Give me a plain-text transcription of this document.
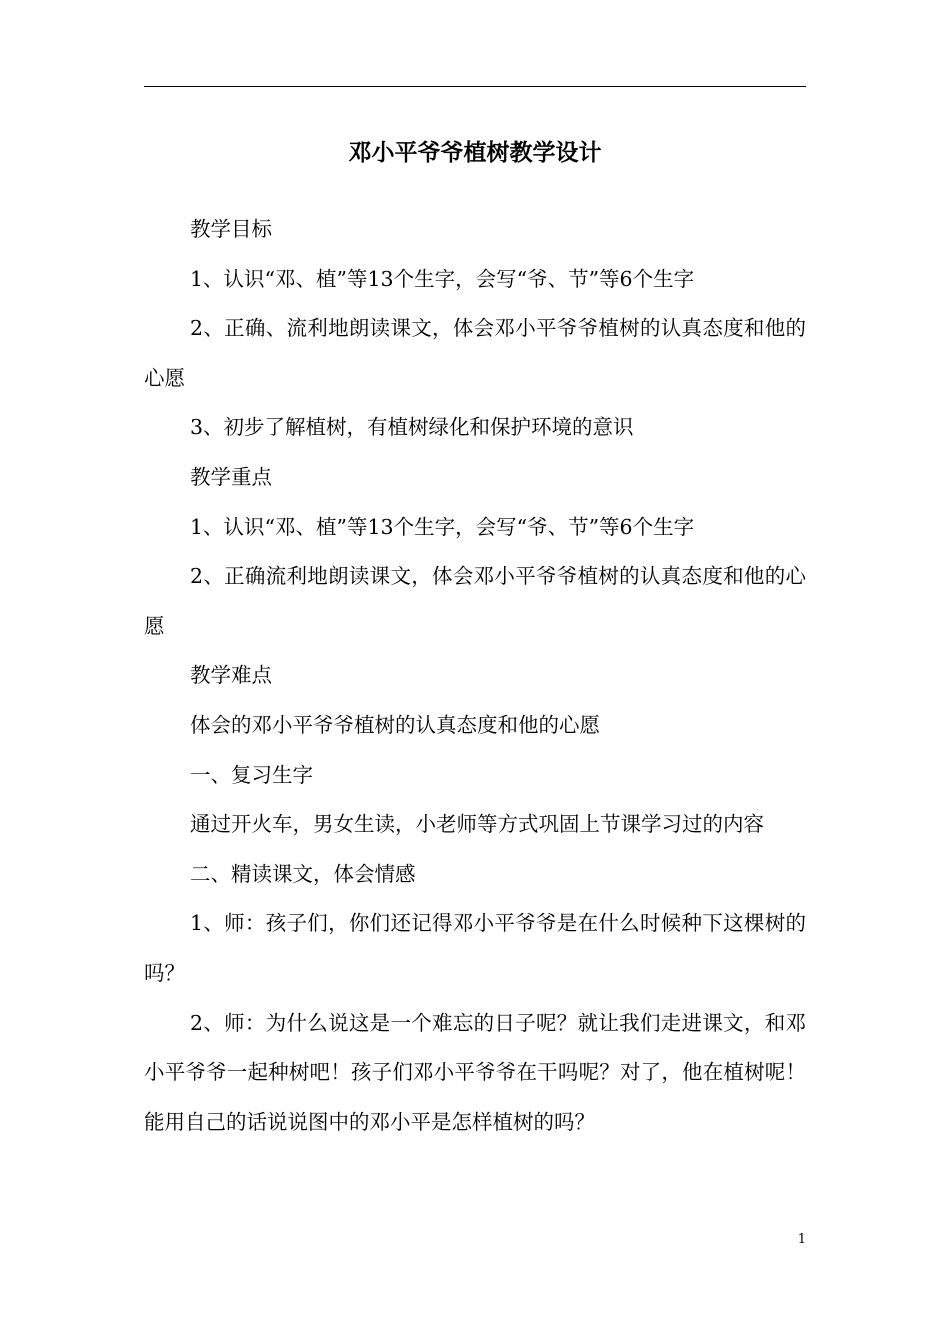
邓小平爷爷植树教学设计

教学目标

1、认识“邓、植”等13个生字，会写“爷、节”等6个生字

2、正确、流利地朗读课文，体会邓小平爷爷植树的认真态度和他的心愿

3、初步了解植树，有植树绿化和保护环境的意识

教学重点

1、认识“邓、植”等13个生字，会写“爷、节”等6个生字

2、正确流利地朗读课文，体会邓小平爷爷植树的认真态度和他的心愿

教学难点

体会的邓小平爷爷植树的认真态度和他的心愿

一、复习生字

通过开火车，男女生读，小老师等方式巩固上节课学习过的内容

二、精读课文，体会情感

1、师：孩子们，你们还记得邓小平爷爷是在什么时候种下这棵树的吗？

2、师：为什么说这是一个难忘的日子呢？就让我们走进课文，和邓小平爷爷一起种树吧！孩子们邓小平爷爷在干吗呢？对了，他在植树呢！能用自己的话说说图中的邓小平是怎样植树的吗？

1
